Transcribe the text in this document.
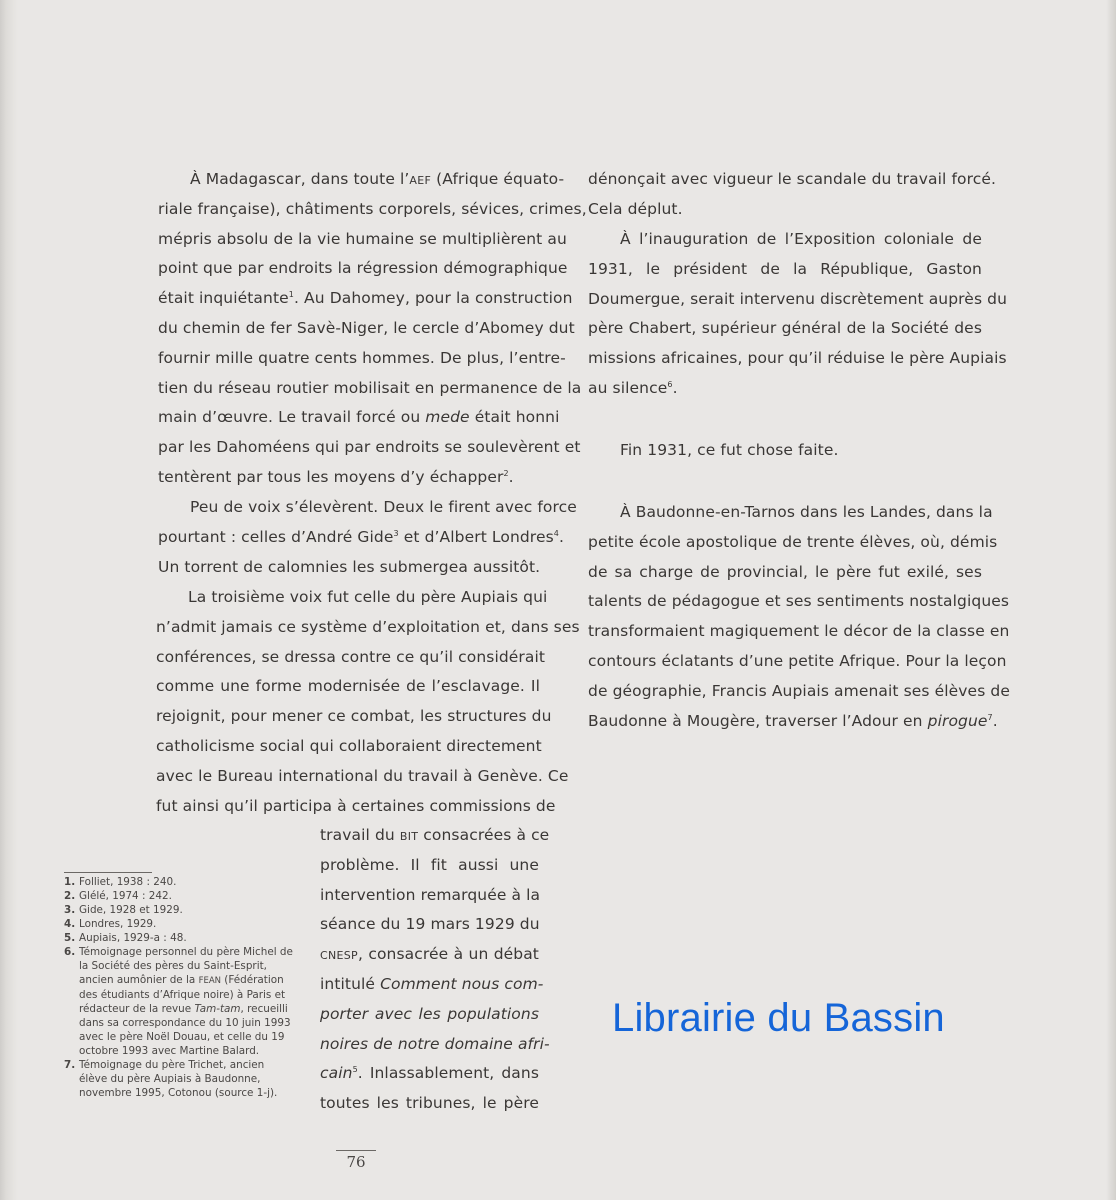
À Madagascar, dans toute l’AEF (Afrique équato-
riale française), châtiments corporels, sévices, crimes,
mépris absolu de la vie humaine se multiplièrent au
point que par endroits la régression démographique
était inquiétante$^1$. Au Dahomey, pour la construction
du chemin de fer Savè-Niger, le cercle d’Abomey dut
fournir mille quatre cents hommes. De plus, l’entre-
tien du réseau routier mobilisait en permanence de la
main d’œuvre. Le travail forcé ou mede était honni
par les Dahoméens qui par endroits se soulevèrent et
tentèrent par tous les moyens d’y échapper$^2$.
Peu de voix s’élevèrent. Deux le firent avec force
pourtant : celles d’André Gide$^3$ et d’Albert Londres$^4$.
Un torrent de calomnies les submergea aussitôt.
La troisième voix fut celle du père Aupiais qui
n’admit jamais ce système d’exploitation et, dans ses
conférences, se dressa contre ce qu’il considérait
comme une forme modernisée de l’esclavage. Il
rejoignit, pour mener ce combat, les structures du
catholicisme social qui collaboraient directement
avec le Bureau international du travail à Genève. Ce
fut ainsi qu’il participa à certaines commissions de
travail du BIT consacrées à ce
problème. Il fit aussi une
intervention remarquée à la
séance du 19 mars 1929 du
CNESP, consacrée à un débat
intitulé Comment nous com-
porter avec les populations
noires de notre domaine afri-
cain$^5$. Inlassablement, dans
toutes les tribunes, le père
1. Folliet, 1938 : 240.
2. Glélé, 1974 : 242.
3. Gide, 1928 et 1929.
4. Londres, 1929.
5. Aupiais, 1929-a : 48.
6. Témoignage personnel du père Michel de la Société des pères du Saint-Esprit, ancien aumônier de la FEAN (Fédération des étudiants d’Afrique noire) à Paris et rédacteur de la revue Tam-tam, recueilli dans sa correspondance du 10 juin 1993 avec le père Noël Douau, et celle du 19 octobre 1993 avec Martine Balard.
7. Témoignage du père Trichet, ancien élève du père Aupiais à Baudonne, novembre 1995, Cotonou (source 1-j).
dénonçait avec vigueur le scandale du travail forcé.
Cela déplut.
À l’inauguration de l’Exposition coloniale de
1931, le président de la République, Gaston
Doumergue, serait intervenu discrètement auprès du
père Chabert, supérieur général de la Société des
missions africaines, pour qu’il réduise le père Aupiais
au silence$^6$.
Fin 1931, ce fut chose faite.
À Baudonne-en-Tarnos dans les Landes, dans la
petite école apostolique de trente élèves, où, démis
de sa charge de provincial, le père fut exilé, ses
talents de pédagogue et ses sentiments nostalgiques
transformaient magiquement le décor de la classe en
contours éclatants d’une petite Afrique. Pour la leçon
de géographie, Francis Aupiais amenait ses élèves de
Baudonne à Mougère, traverser l’Adour en pirogue$^7$.
76
Librairie du Bassin
